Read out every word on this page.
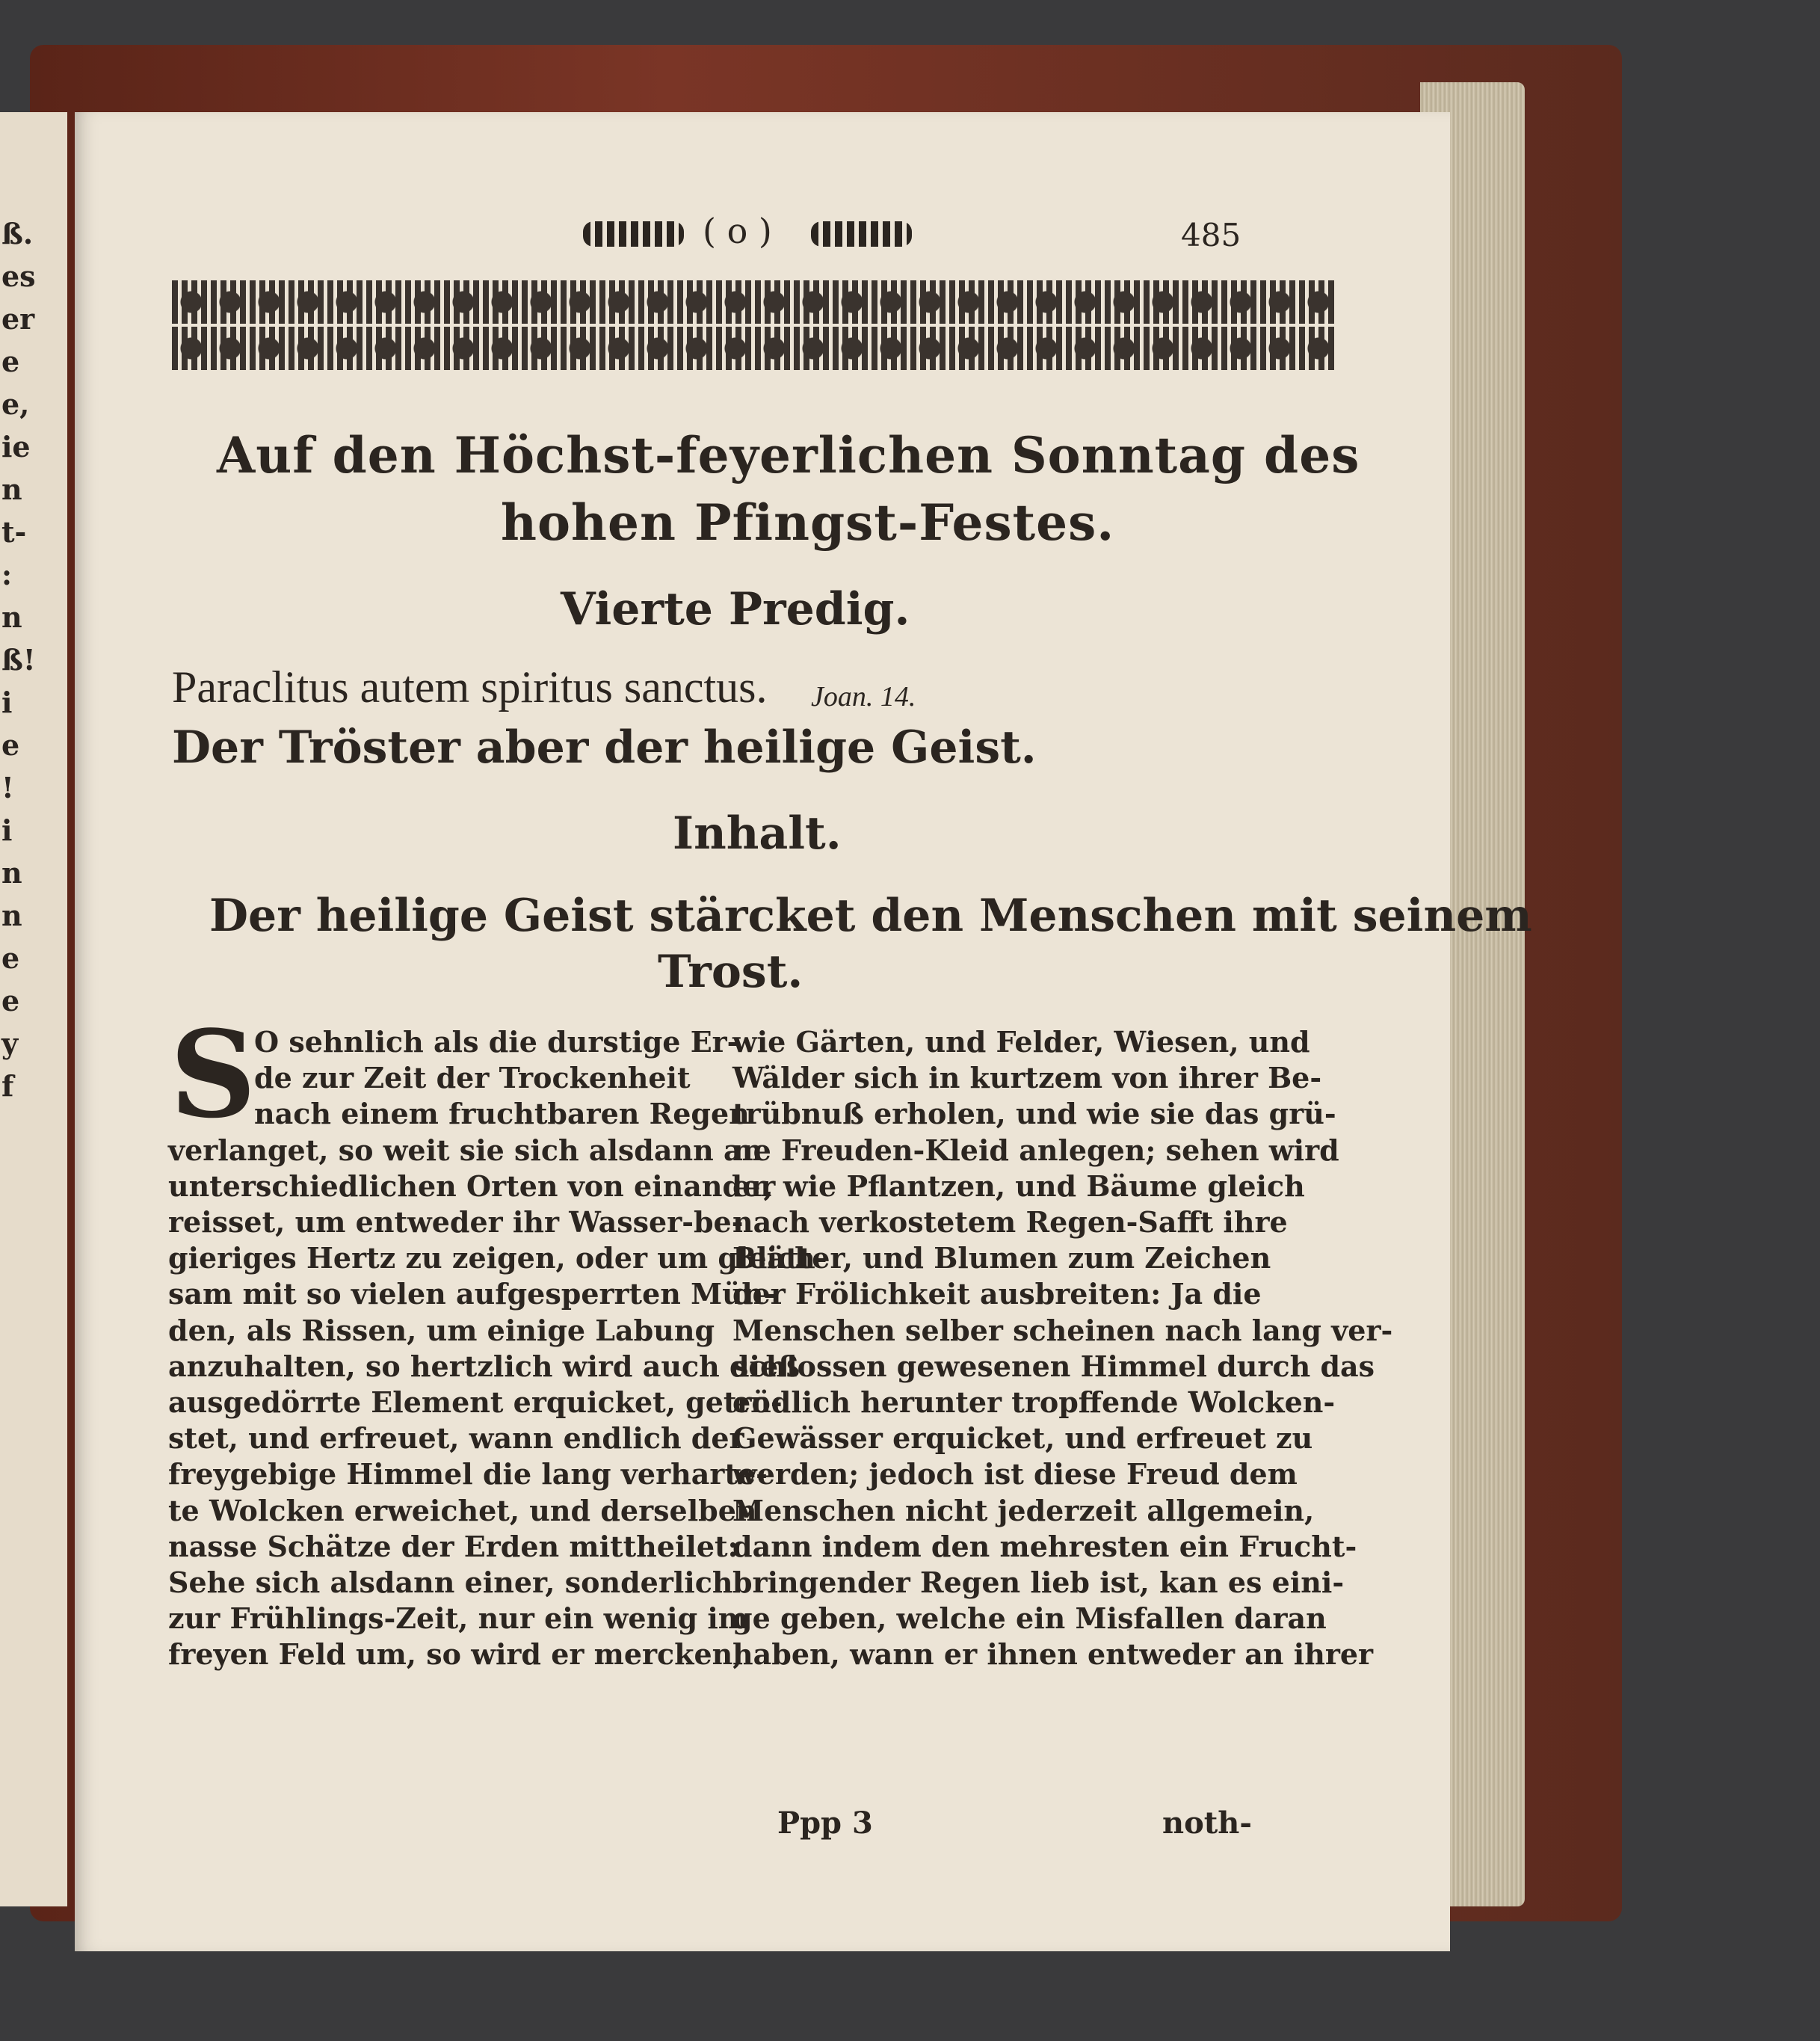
ß.
es
er
e
e,
ie
n
t-
:
n
ß!
i
e
!
i
n
n
e
e
y
f
( o )	485
Auf den Höchst-feyerlichen Sonntag des
hohen Pfingst-Festes.
Vierte Predig.
Paraclitus autem spiritus sanctus. Joan. 14.
Der Tröster aber der heilige Geist.
Inhalt.
Der heilige Geist stärcket den Menschen mit seinem
Trost.
S
O sehnlich als die durstige Er-
de zur Zeit der Trockenheit
nach einem fruchtbaren Regen
verlanget, so weit sie sich alsdann an
unterschiedlichen Orten von einander
reisset, um entweder ihr Wasser-be-
gieriges Hertz zu zeigen, oder um gleich-
sam mit so vielen aufgesperrten Mün-
den, als Rissen, um einige Labung
anzuhalten, so hertzlich wird auch dieß
ausgedörrte Element erquicket, getrö-
stet, und erfreuet, wann endlich der
freygebige Himmel die lang verharte-
te Wolcken erweichet, und derselben
nasse Schätze der Erden mittheilet:
Sehe sich alsdann einer, sonderlich
zur Frühlings-Zeit, nur ein wenig im
freyen Feld um, so wird er mercken,
wie Gärten, und Felder, Wiesen, und
Wälder sich in kurtzem von ihrer Be-
trübnuß erholen, und wie sie das grü-
ne Freuden-Kleid anlegen; sehen wird
er, wie Pflantzen, und Bäume gleich
nach verkostetem Regen-Safft ihre
Blätter, und Blumen zum Zeichen
der Frölichkeit ausbreiten: Ja die
Menschen selber scheinen nach lang ver-
schlossen gewesenen Himmel durch das
endlich herunter tropffende Wolcken-
Gewässer erquicket, und erfreuet zu
werden; jedoch ist diese Freud dem
Menschen nicht jederzeit allgemein,
dann indem den mehresten ein Frucht-
bringender Regen lieb ist, kan es eini-
ge geben, welche ein Misfallen daran
haben, wann er ihnen entweder an ihrer
Ppp 3	noth-
